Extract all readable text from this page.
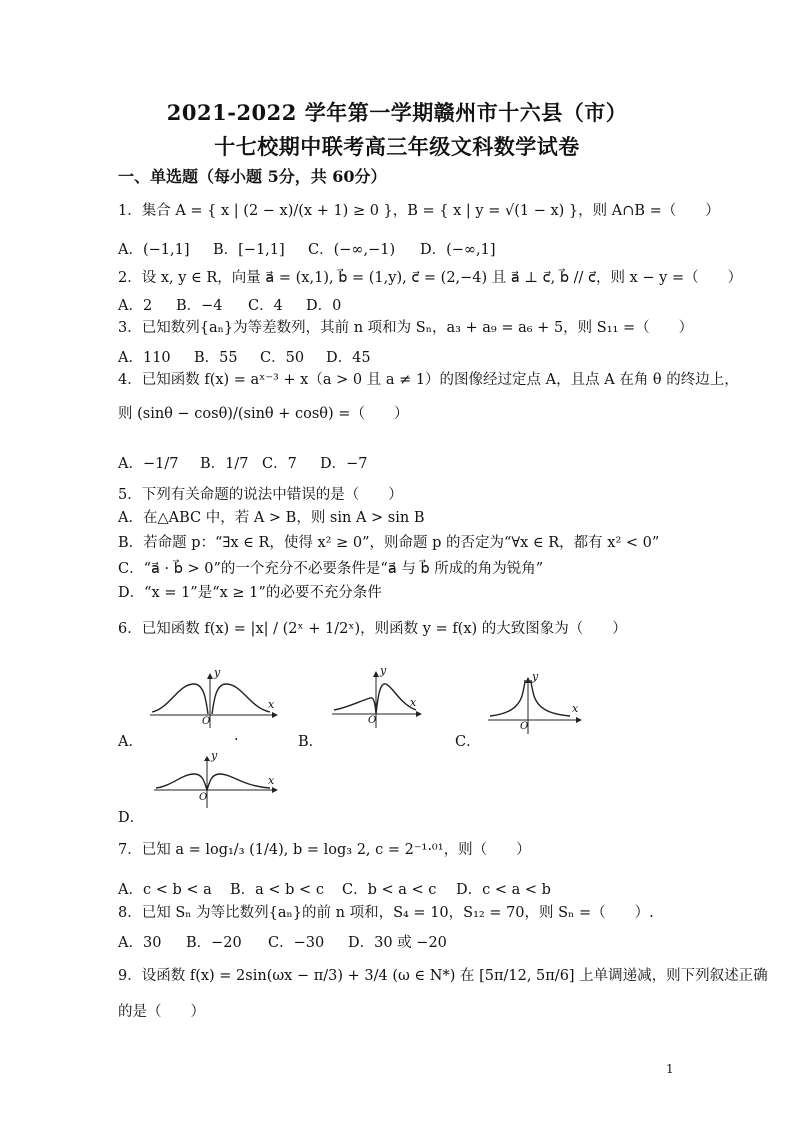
2021-2022 学年第一学期赣州市十六县（市）
十七校期中联考高三年级文科数学试卷
一、单选题（每小题 5分，共 60分）
1．集合 A = { x | (2 − x)/(x + 1) ≥ 0 }，B = { x | y = √(1 − x) }，则 A∩B =（　　）
A．(−1,1] B．[−1,1] C．(−∞,−1) D．(−∞,1]
2．设 x, y ∈ R，向量 a⃗ = (x,1), b⃗ = (1,y), c⃗ = (2,−4) 且 a⃗ ⊥ c⃗, b⃗ // c⃗，则 x − y =（　　）
A．2 B．−4 C．4 D．0
3．已知数列{aₙ}为等差数列，其前 n 项和为 Sₙ，a₃ + a₉ = a₆ + 5，则 S₁₁ =（　　）
A．110 B．55 C．50 D．45
4．已知函数 f(x) = aˣ⁻³ + x（a > 0 且 a ≠ 1）的图像经过定点 A，且点 A 在角 θ 的终边上，
则 (sinθ − cosθ)/(sinθ + cosθ) =（　　）
A．−1/7 B．1/7 C．7 D．−7
5．下列有关命题的说法中错误的是（　　）
A．在△ABC 中，若 A > B，则 sin A > sin B
B．若命题 p：“∃x ∈ R，使得 x² ≥ 0”，则命题 p 的否定为“∀x ∈ R，都有 x² < 0”
C．“a⃗ · b⃗ > 0”的一个充分不必要条件是“a⃗ 与 b⃗ 所成的角为锐角”
D．“x = 1”是“x ≥ 1”的必要不充分条件
6．已知函数 f(x) = |x| / (2ˣ + 1/2ˣ)，则函数 y = f(x) 的大致图象为（　　）
x
y
O
A．	.
x
y
O
B．
x
y
O
C．
x
y
O
D．
7．已知 a = log₁/₃ (1/4), b = log₃ 2, c = 2⁻¹·⁰¹，则（　　）
A．c < b < a B．a < b < c C．b < a < c D．c < a < b
8．已知 Sₙ 为等比数列{aₙ}的前 n 项和，S₄ = 10，S₁₂ = 70，则 Sₙ =（　　）.
A．30 B．−20 C．−30 D．30 或 −20
9．设函数 f(x) = 2sin(ωx − π/3) + 3/4 (ω ∈ N*) 在 [5π/12, 5π/6] 上单调递减，则下列叙述正确
的是（　　）
1
